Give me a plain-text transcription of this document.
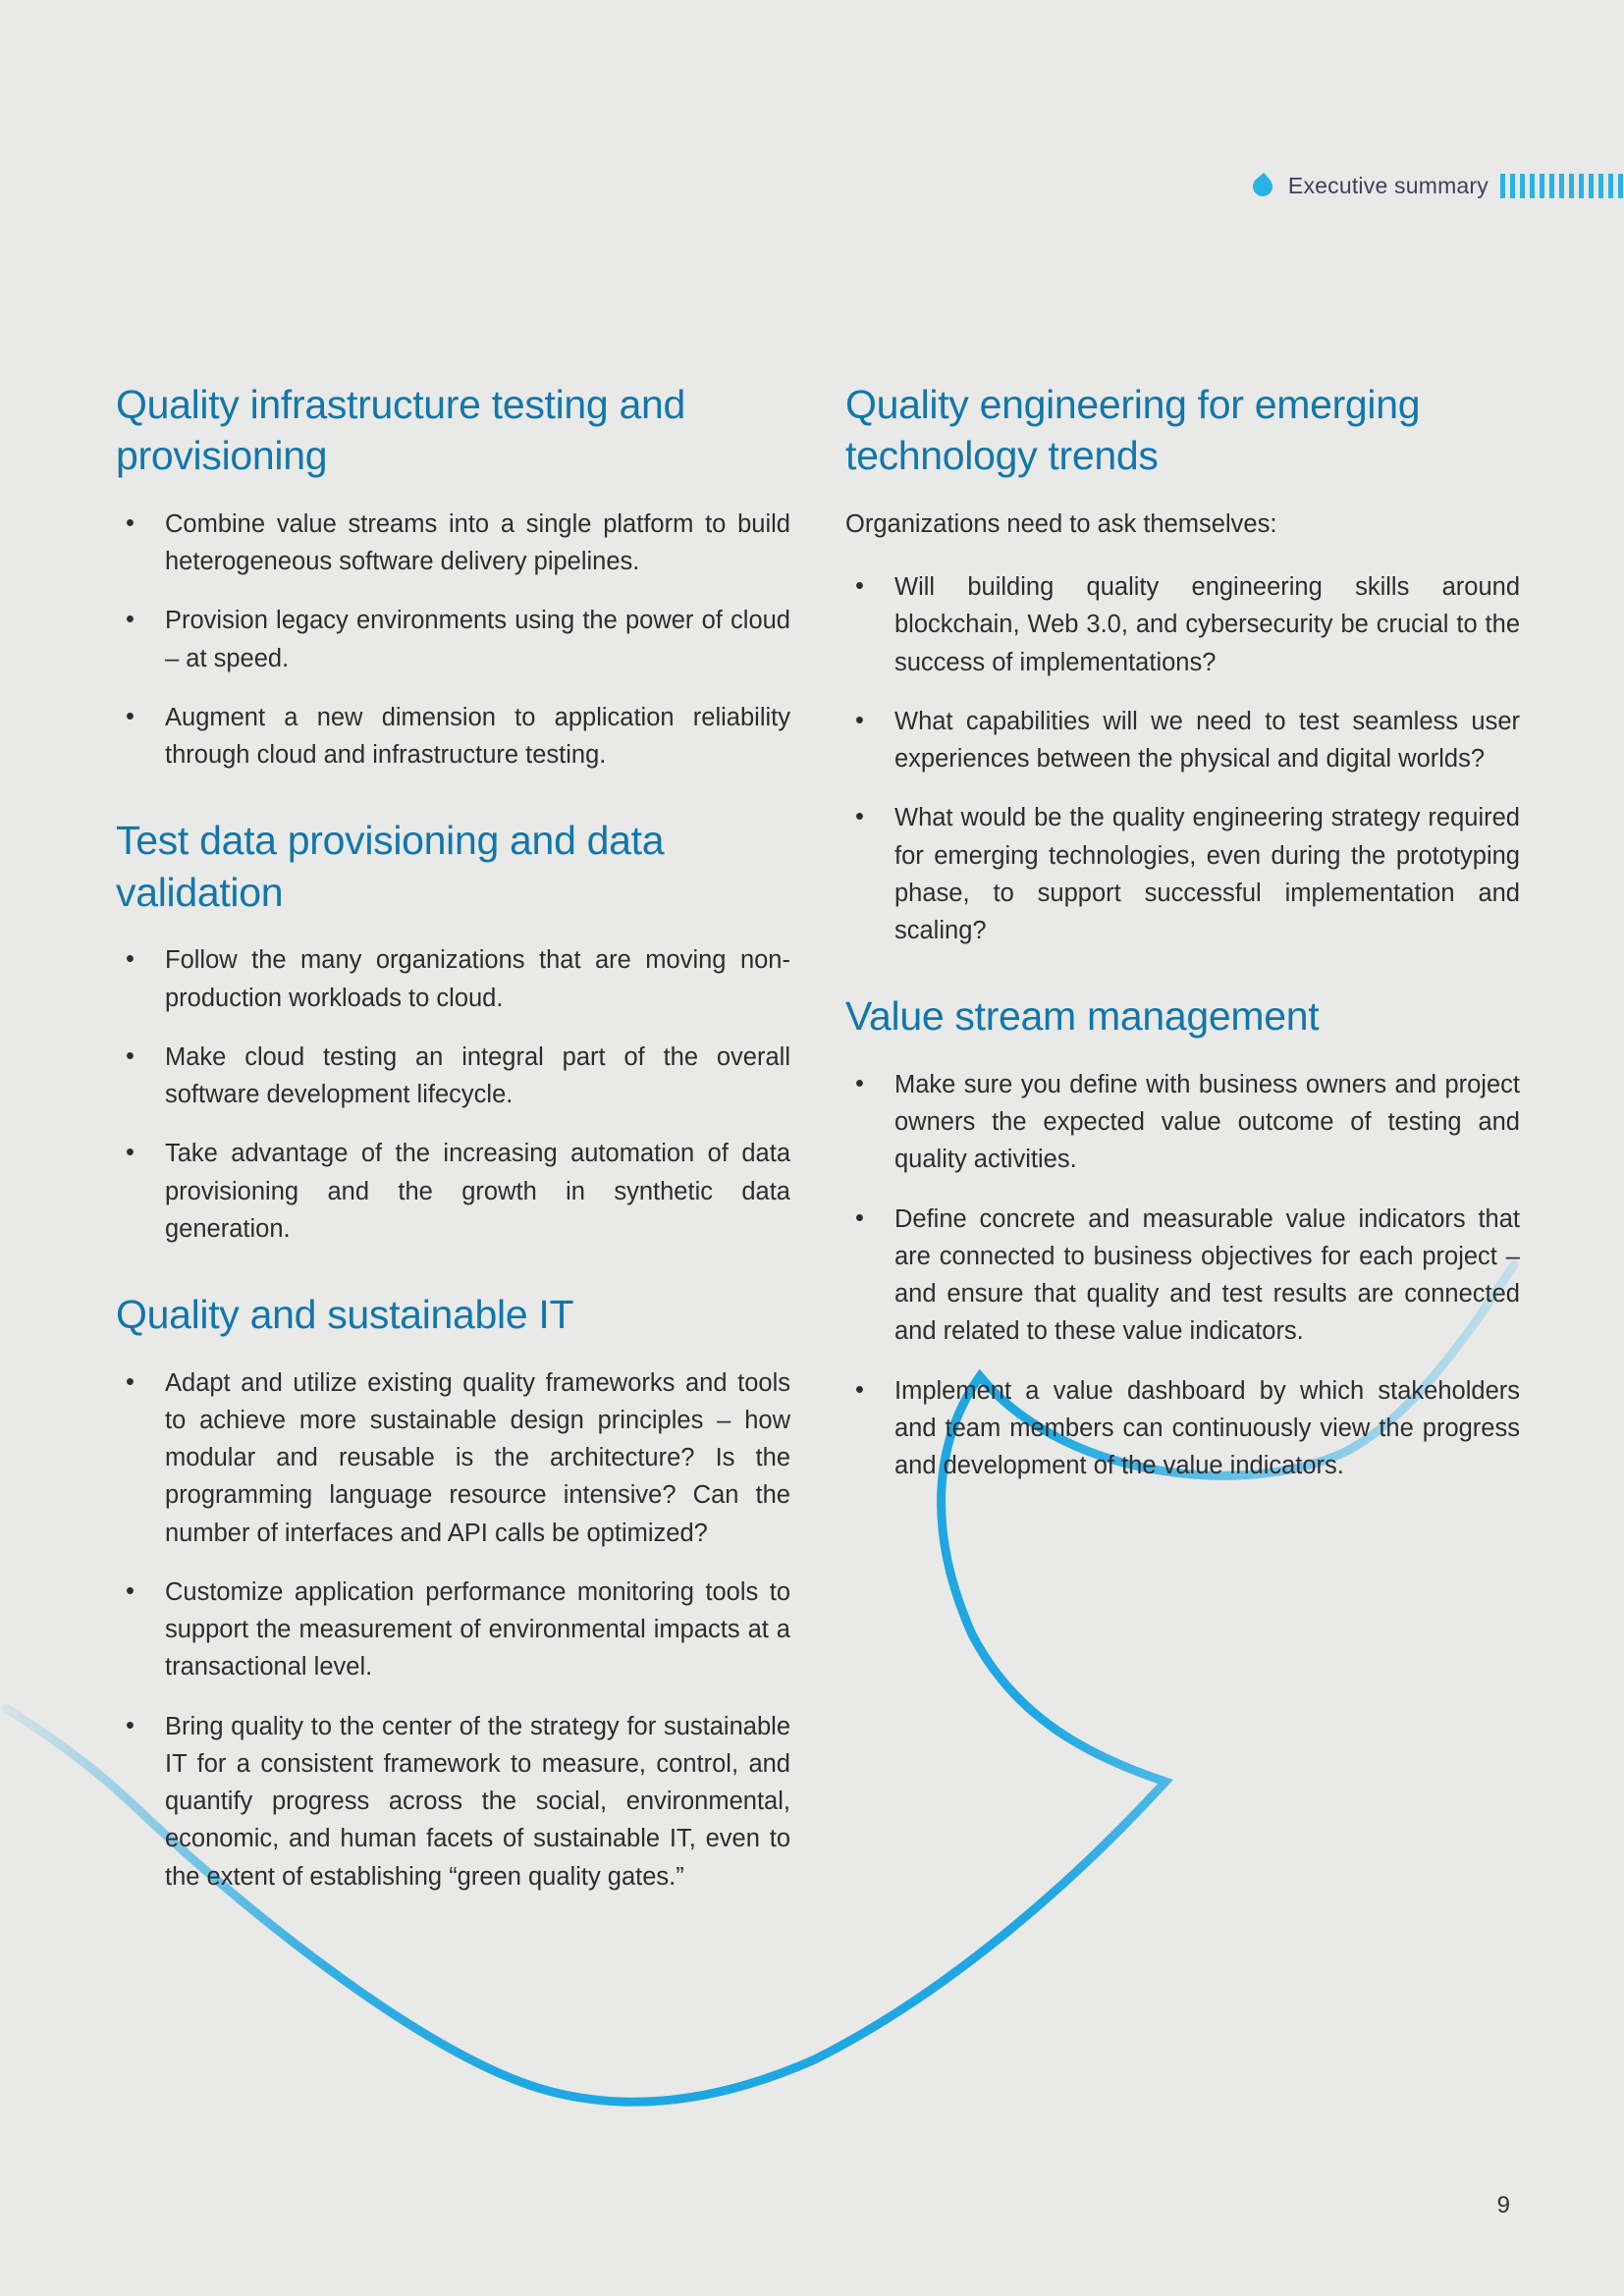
Executive summary
Quality infrastructure testing and provisioning
• Combine value streams into a single platform to build heterogeneous software delivery pipelines.
• Provision legacy environments using the power of cloud – at speed.
• Augment a new dimension to application reliability through cloud and infrastructure testing.
Test data provisioning and data validation
• Follow the many organizations that are moving non-production workloads to cloud.
• Make cloud testing an integral part of the overall software development lifecycle.
• Take advantage of the increasing automation of data provisioning and the growth in synthetic data generation.
Quality and sustainable IT
• Adapt and utilize existing quality frameworks and tools to achieve more sustainable design principles – how modular and reusable is the architecture? Is the programming language resource intensive? Can the number of interfaces and API calls be optimized?
• Customize application performance monitoring tools to support the measurement of environmental impacts at a transactional level.
• Bring quality to the center of the strategy for sustainable IT for a consistent framework to measure, control, and quantify progress across the social, environmental, economic, and human facets of sustainable IT, even to the extent of establishing “green quality gates.”
Quality engineering for emerging technology trends

Organizations need to ask themselves:

• Will building quality engineering skills around blockchain, Web 3.0, and cybersecurity be crucial to the success of implementations?
• What capabilities will we need to test seamless user experiences between the physical and digital worlds?
• What would be the quality engineering strategy required for emerging technologies, even during the prototyping phase, to support successful implementation and scaling?
Value stream management
• Make sure you define with business owners and project owners the expected value outcome of testing and quality activities.
• Define concrete and measurable value indicators that are connected to business objectives for each project – and ensure that quality and test results are connected and related to these value indicators.
• Implement a value dashboard by which stakeholders and team members can continuously view the progress and development of the value indicators.
9
